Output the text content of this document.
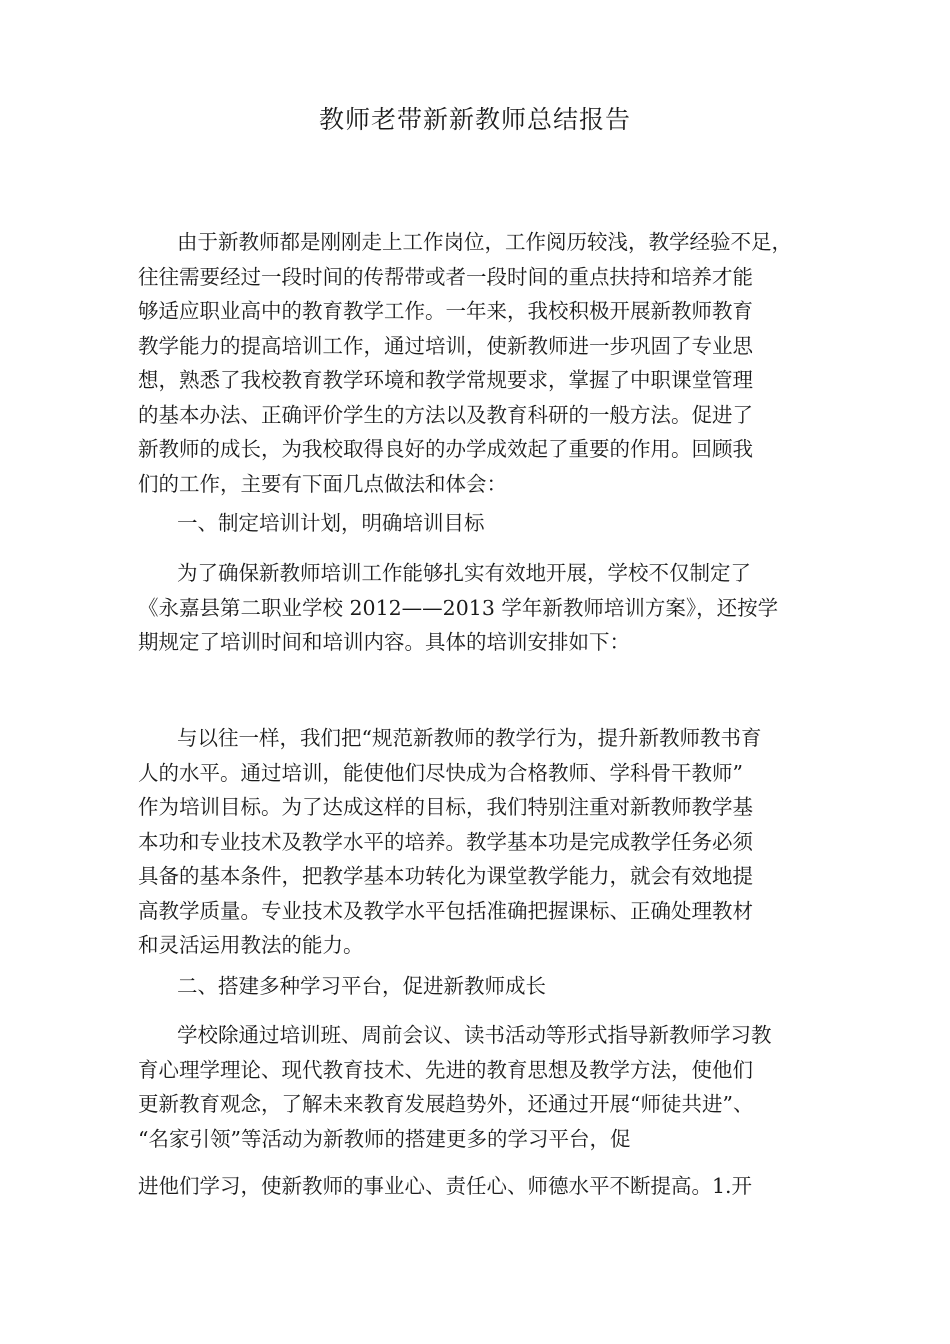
教师老带新新教师总结报告
由于新教师都是刚刚走上工作岗位，工作阅历较浅，教学经验不足，
往往需要经过一段时间的传帮带或者一段时间的重点扶持和培养才能
够适应职业高中的教育教学工作。一年来，我校积极开展新教师教育
教学能力的提高培训工作，通过培训，使新教师进一步巩固了专业思
想，熟悉了我校教育教学环境和教学常规要求，掌握了中职课堂管理
的基本办法、正确评价学生的方法以及教育科研的一般方法。促进了
新教师的成长，为我校取得良好的办学成效起了重要的作用。回顾我
们的工作，主要有下面几点做法和体会：
一、制定培训计划，明确培训目标
为了确保新教师培训工作能够扎实有效地开展，学校不仅制定了
《永嘉县第二职业学校 2012——2013 学年新教师培训方案》，还按学
期规定了培训时间和培训内容。具体的培训安排如下：
与以往一样，我们把“规范新教师的教学行为，提升新教师教书育
人的水平。通过培训，能使他们尽快成为合格教师、学科骨干教师”
作为培训目标。为了达成这样的目标，我们特别注重对新教师教学基
本功和专业技术及教学水平的培养。教学基本功是完成教学任务必须
具备的基本条件，把教学基本功转化为课堂教学能力，就会有效地提
高教学质量。专业技术及教学水平包括准确把握课标、正确处理教材
和灵活运用教法的能力。
二、搭建多种学习平台，促进新教师成长
学校除通过培训班、周前会议、读书活动等形式指导新教师学习教
育心理学理论、现代教育技术、先进的教育思想及教学方法，使他们
更新教育观念，了解未来教育发展趋势外，还通过开展“师徒共进”、
“名家引领”等活动为新教师的搭建更多的学习平台，促
进他们学习，使新教师的事业心、责任心、师德水平不断提高。1.开
